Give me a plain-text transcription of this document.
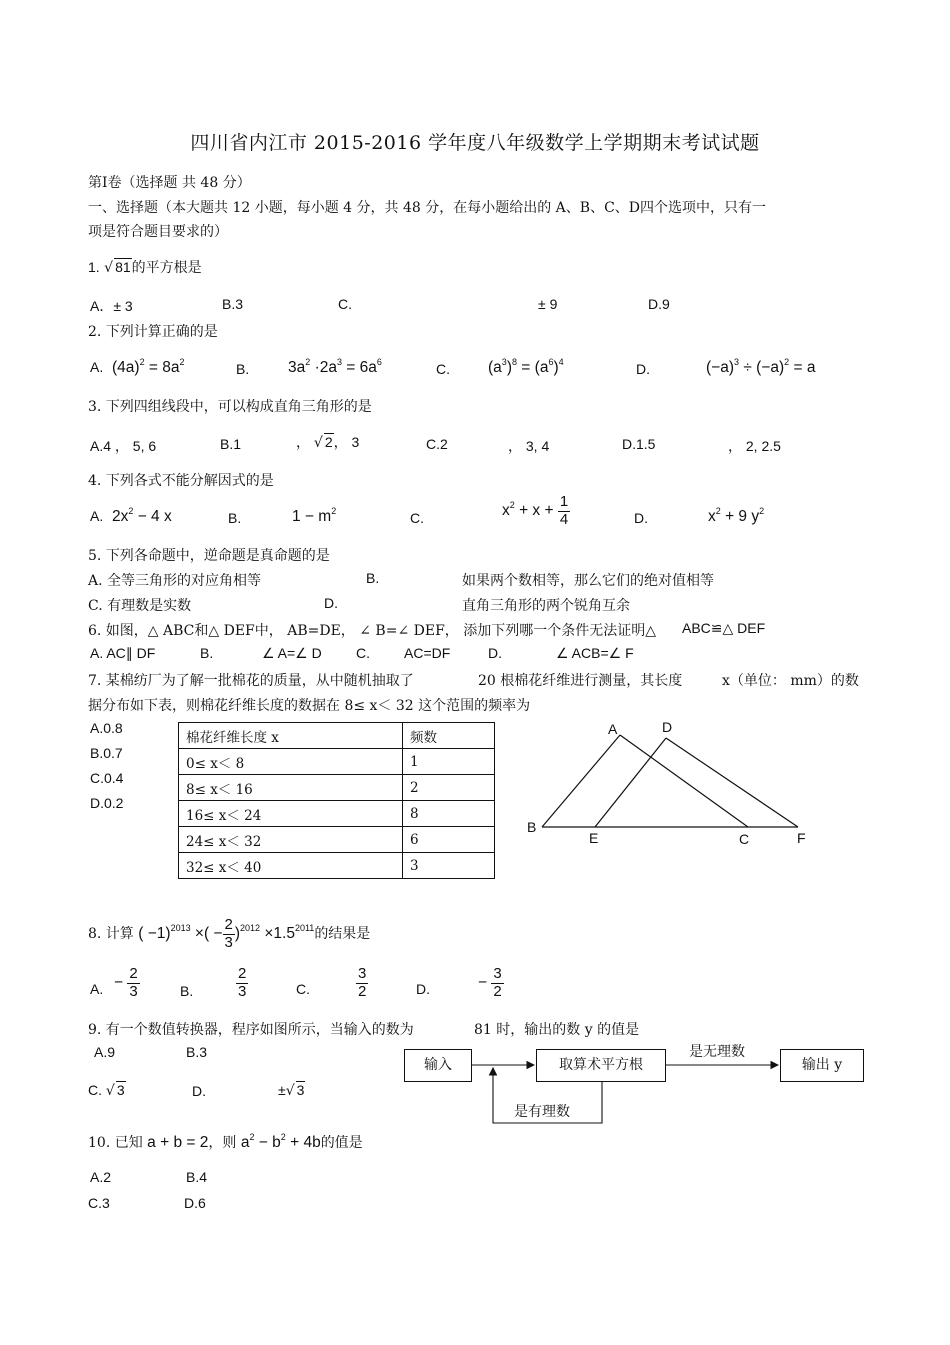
四川省内江市 2015-2016 学年度八年级数学上学期期末考试试题
第Ⅰ卷（选择题 共 48 分）
一、选择题（本大题共 12 小题，每小题 4 分，共 48 分，在每小题给出的 A、B、C、D四个选项中，只有一
项是符合题目要求的）
1. √ 81的平方根是
A．± 3	B.3	C.	± 9	D.9
2. 下列计算正确的是
A. $(4a)^2 = 8a^2$	B.	$3a^2 \cdot 2a^3 = 6a^6$	C. $(a^3)^8 = (a^6)^4$	D.	$(-a)^3 \div (-a)^2 = a$
3. 下列四组线段中，可以构成直角三角形的是
A.4 ， 5, 6	B.1	， √ 2， 3	C.2	， 3, 4	D.1.5	， 2, 2.5
4. 下列各式不能分解因式的是
A. $2x^2 - 4$ x	B.	$1 - m^2$	C.	$x^2 + x + \frac{1}{4}$	D.	$x^2 + 9$ $y^2$
5. 下列各命题中，逆命题是真命题的是
A. 全等三角形的对应角相等	B.	如果两个数相等，那么它们的绝对值相等
C. 有理数是实数	D.	直角三角形的两个锐角互余
6. 如图，△ ABC和△ DEF中， AB=DE， ∠ B=∠ DEF， 添加下列哪一个条件无法证明△ ABC≌△ DEF
A. AC∥ DF	B.	∠ A=∠ D C. AC=DF	D.	∠ ACB=∠ F
7. 某棉纺厂为了解一批棉花的质量，从中随机抽取了	20 根棉花纤维进行测量，其长度	x（单位： mm）的数
据分布如下表，则棉花纤维长度的数据在 8≤ x＜ 32 这个范围的频率为
A.0.8
B.0.7
C.0.4
D.0.2
棉花纤维长度 x	频数
0≤ x＜ 8	1
8≤ x＜ 16	2
16≤ x＜ 24	8
24≤ x＜ 32	6
32≤ x＜ 40	3
A	D
B
E	C	F
8. 计算 ( −1)$^{2013}$ ×( − $\frac{2}{3} )^{2012} \times 1.5^{2011}$的结果是
A. − $\frac{2}{3}$	B.	$\frac{2}{3}$	C.	$\frac{3}{2}$	D.	− $\frac{3}{2}$
9. 有一个数值转换器，程序如图所示，当输入的数为	81 时，输出的数 y 的值是
A.9	B.3
C. √ 3	D.	±√ 3
输入	取算术平方根	输出 y
是无理数
是有理数
10. 已知 a + b = 2，则 $a^2 - b^2 + 4b$的值是
A.2	B.4
C.3	D.6
